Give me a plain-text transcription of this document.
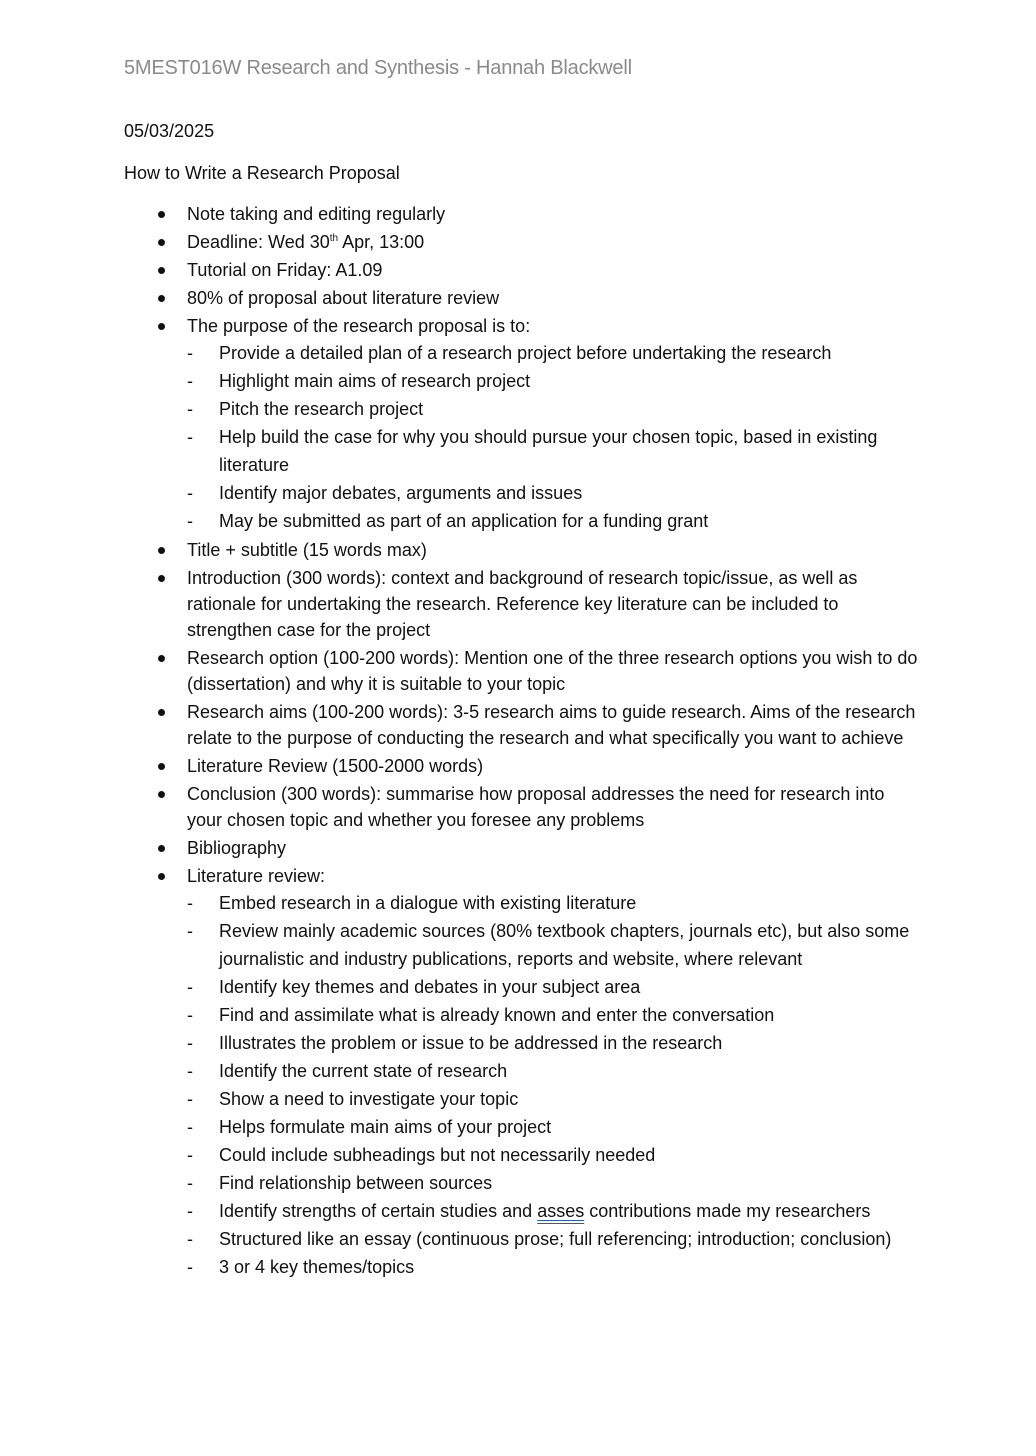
5MEST016W Research and Synthesis - Hannah Blackwell
05/03/2025
How to Write a Research Proposal
Note taking and editing regularly
Deadline: Wed 30th Apr, 13:00
Tutorial on Friday: A1.09
80% of proposal about literature review
The purpose of the research proposal is to:
- Provide a detailed plan of a research project before undertaking the research
- Highlight main aims of research project
- Pitch the research project
- Help build the case for why you should pursue your chosen topic, based in existing literature
- Identify major debates, arguments and issues
- May be submitted as part of an application for a funding grant
Title + subtitle (15 words max)
Introduction (300 words): context and background of research topic/issue, as well as rationale for undertaking the research. Reference key literature can be included to strengthen case for the project
Research option (100-200 words): Mention one of the three research options you wish to do (dissertation) and why it is suitable to your topic
Research aims (100-200 words): 3-5 research aims to guide research. Aims of the research relate to the purpose of conducting the research and what specifically you want to achieve
Literature Review (1500-2000 words)
Conclusion (300 words): summarise how proposal addresses the need for research into your chosen topic and whether you foresee any problems
Bibliography
Literature review:
- Embed research in a dialogue with existing literature
- Review mainly academic sources (80% textbook chapters, journals etc), but also some journalistic and industry publications, reports and website, where relevant
- Identify key themes and debates in your subject area
- Find and assimilate what is already known and enter the conversation
- Illustrates the problem or issue to be addressed in the research
- Identify the current state of research
- Show a need to investigate your topic
- Helps formulate main aims of your project
- Could include subheadings but not necessarily needed
- Find relationship between sources
- Identify strengths of certain studies and asses contributions made my researchers
- Structured like an essay (continuous prose; full referencing; introduction; conclusion)
- 3 or 4 key themes/topics
